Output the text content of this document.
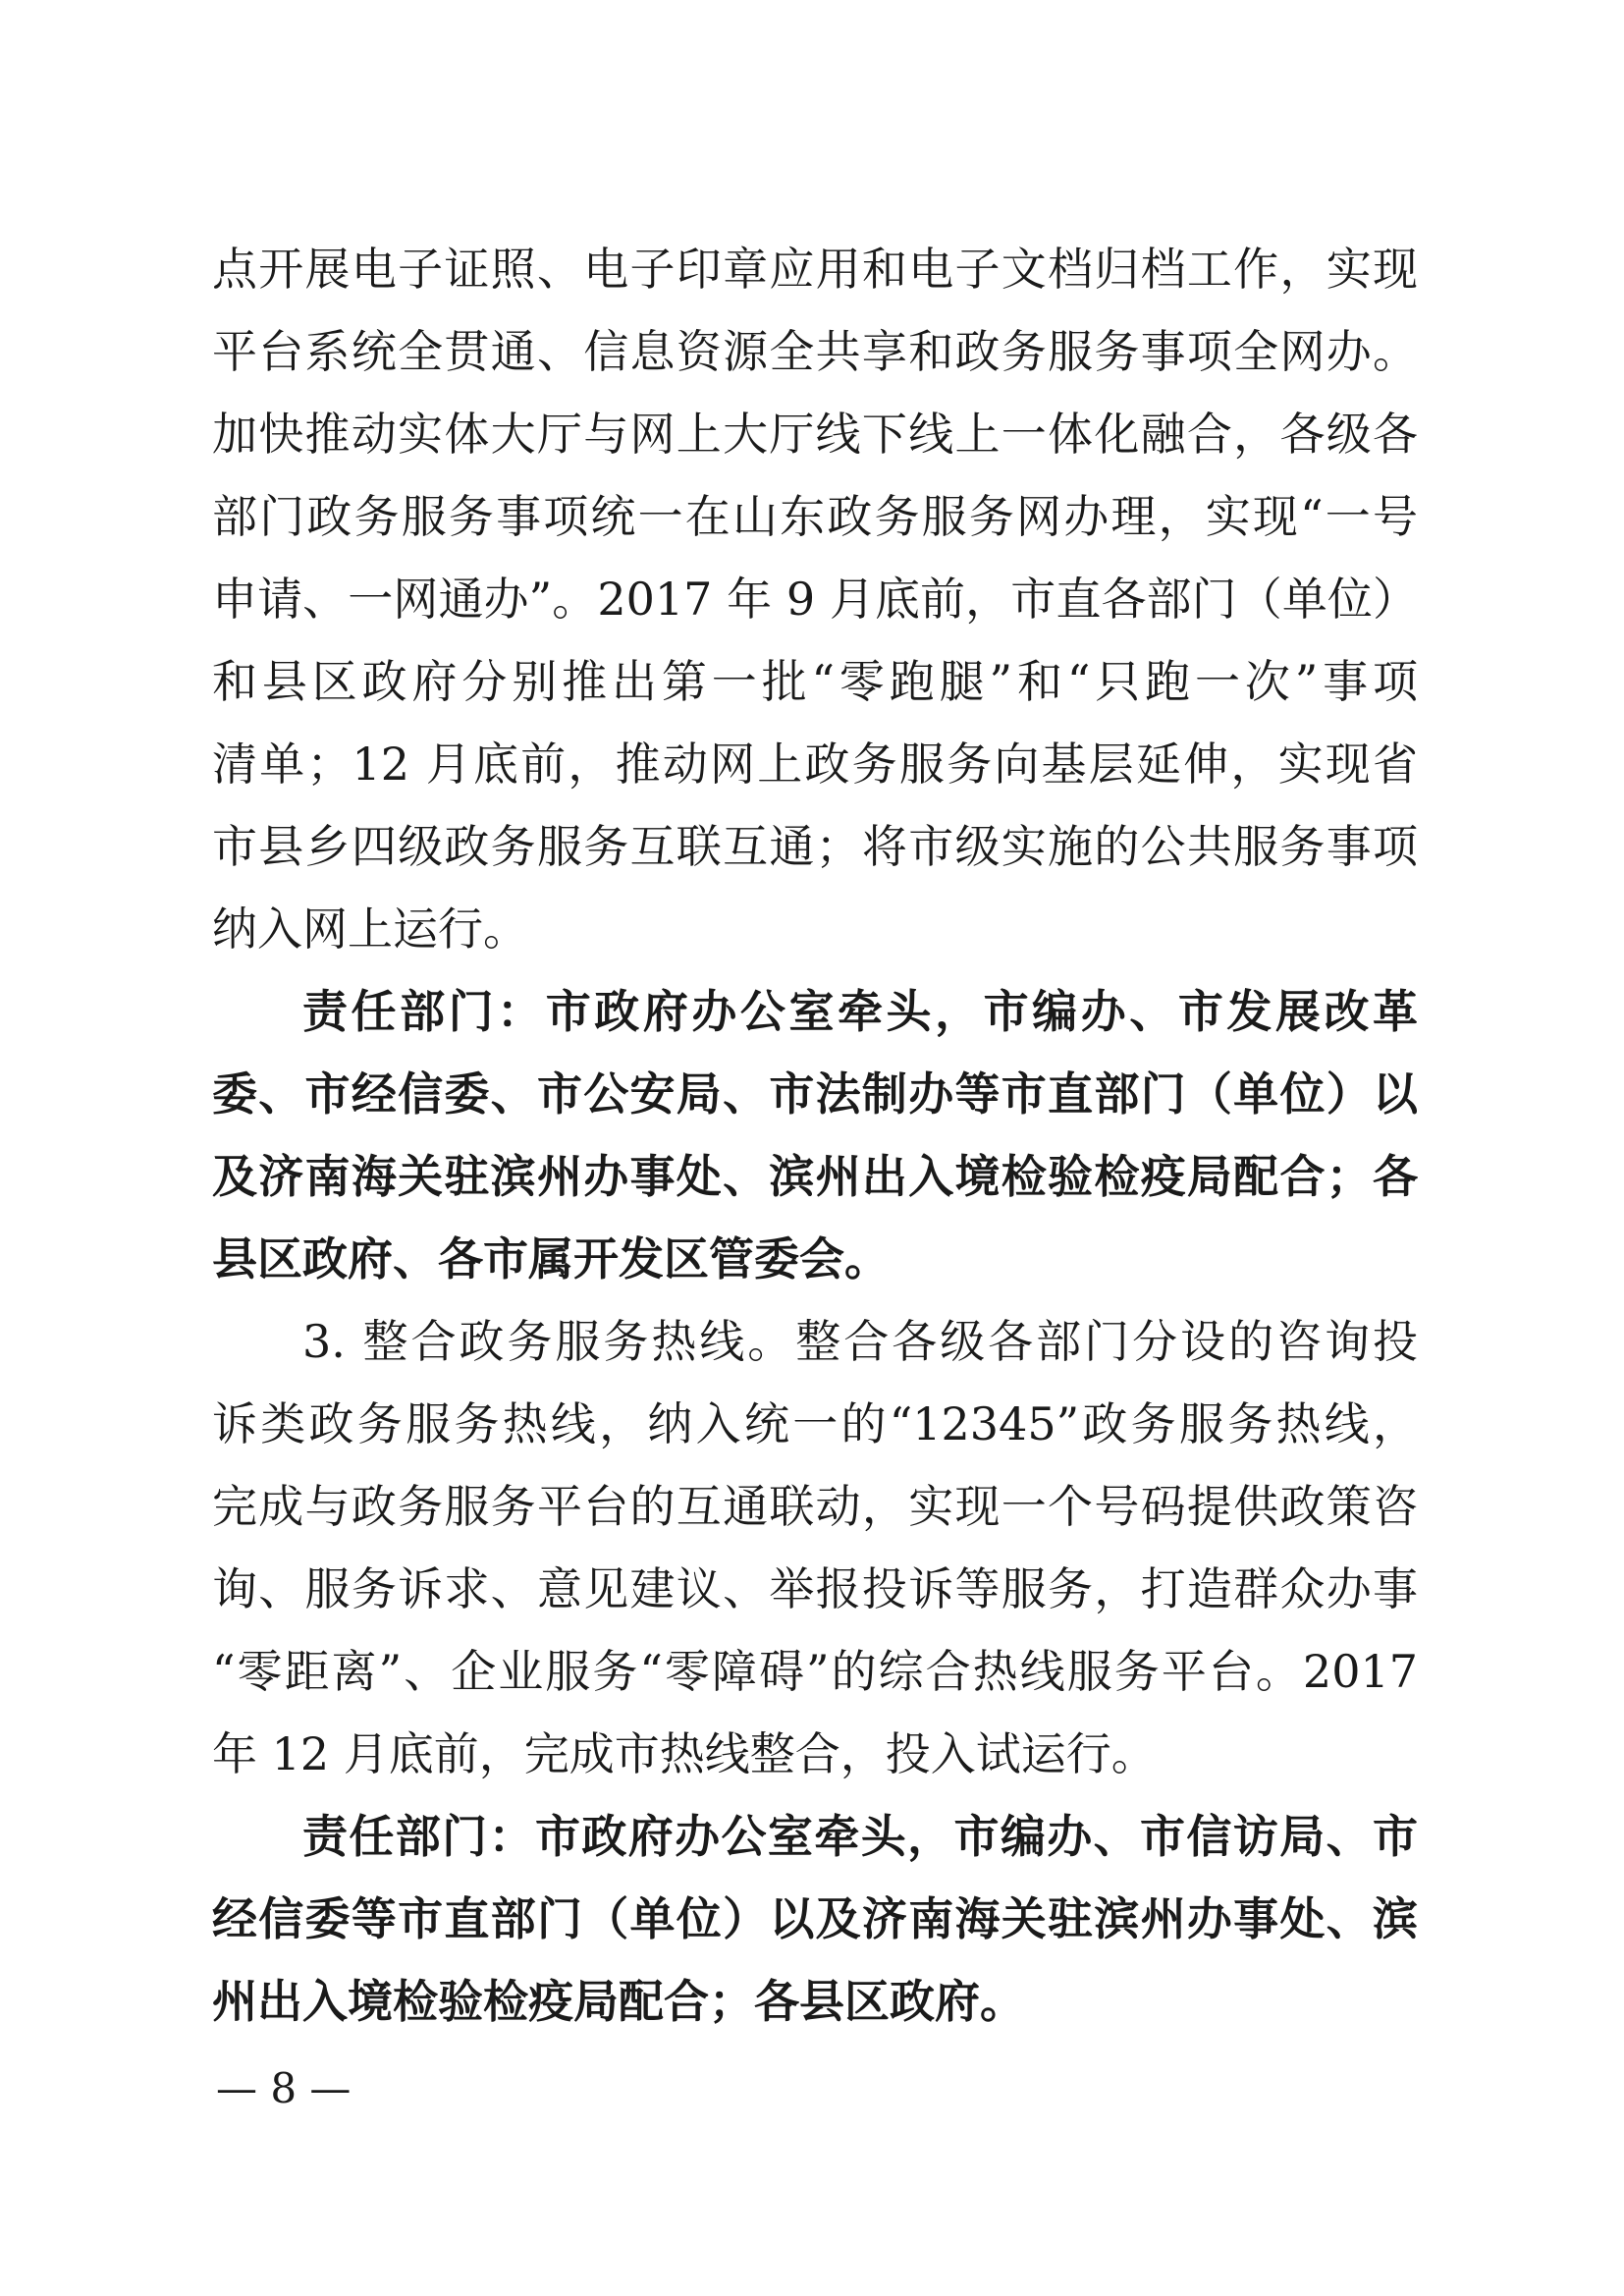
点开展电子证照、电子印章应用和电子文档归档工作，实现
平台系统全贯通、信息资源全共享和政务服务事项全网办。
加快推动实体大厅与网上大厅线下线上一体化融合，各级各
部门政务服务事项统一在山东政务服务网办理，实现“一号
申请、一网通办”。2017 年 9 月底前，市直各部门（单位）
和县区政府分别推出第一批“零跑腿”和“只跑一次”事项
清单；12 月底前，推动网上政务服务向基层延伸，实现省
市县乡四级政务服务互联互通；将市级实施的公共服务事项
纳入网上运行。
责任部门：市政府办公室牵头，市编办、市发展改革
委、市经信委、市公安局、市法制办等市直部门（单位）以
及济南海关驻滨州办事处、滨州出入境检验检疫局配合；各
县区政府、各市属开发区管委会。
3. 整合政务服务热线。整合各级各部门分设的咨询投
诉类政务服务热线，纳入统一的“12345”政务服务热线，
完成与政务服务平台的互通联动，实现一个号码提供政策咨
询、服务诉求、意见建议、举报投诉等服务，打造群众办事
“零距离”、企业服务“零障碍”的综合热线服务平台。2017
年 12 月底前，完成市热线整合，投入试运行。
责任部门：市政府办公室牵头，市编办、市信访局、市
经信委等市直部门（单位）以及济南海关驻滨州办事处、滨
州出入境检验检疫局配合；各县区政府。
— 8 —
